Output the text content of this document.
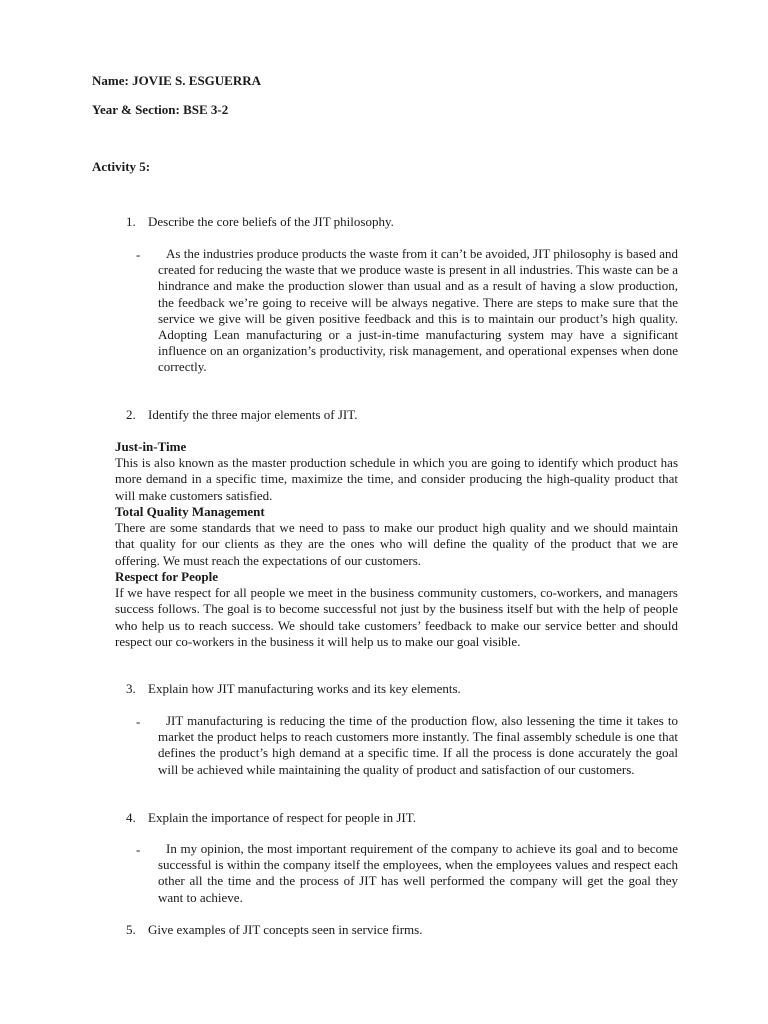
Name: JOVIE S. ESGUERRA
Year & Section: BSE 3-2
Activity 5:
1. Describe the core beliefs of the JIT philosophy.
-	As the industries produce products the waste from it can’t be avoided, JIT philosophy is based and created for reducing the waste that we produce waste is present in all industries. This waste can be a hindrance and make the production slower than usual and as a result of having a slow production, the feedback we’re going to receive will be always negative. There are steps to make sure that the service we give will be given positive feedback and this is to maintain our product’s high quality. Adopting Lean manufacturing or a just-in-time manufacturing system may have a significant influence on an organization’s productivity, risk management, and operational expenses when done correctly.
2. Identify the three major elements of JIT.
Just-in-Time
This is also known as the master production schedule in which you are going to identify which product has more demand in a specific time, maximize the time, and consider producing the high-quality product that will make customers satisfied.
Total Quality Management
There are some standards that we need to pass to make our product high quality and we should maintain that quality for our clients as they are the ones who will define the quality of the product that we are offering. We must reach the expectations of our customers.
Respect for People
If we have respect for all people we meet in the business community customers, co-workers, and managers success follows. The goal is to become successful not just by the business itself but with the help of people who help us to reach success. We should take customers’ feedback to make our service better and should respect our co-workers in the business it will help us to make our goal visible.
3. Explain how JIT manufacturing works and its key elements.
-	JIT manufacturing is reducing the time of the production flow, also lessening the time it takes to market the product helps to reach customers more instantly. The final assembly schedule is one that defines the product’s high demand at a specific time. If all the process is done accurately the goal will be achieved while maintaining the quality of product and satisfaction of our customers.
4. Explain the importance of respect for people in JIT.
-	In my opinion, the most important requirement of the company to achieve its goal and to become successful is within the company itself the employees, when the employees values and respect each other all the time and the process of JIT has well performed the company will get the goal they want to achieve.
5. Give examples of JIT concepts seen in service firms.
